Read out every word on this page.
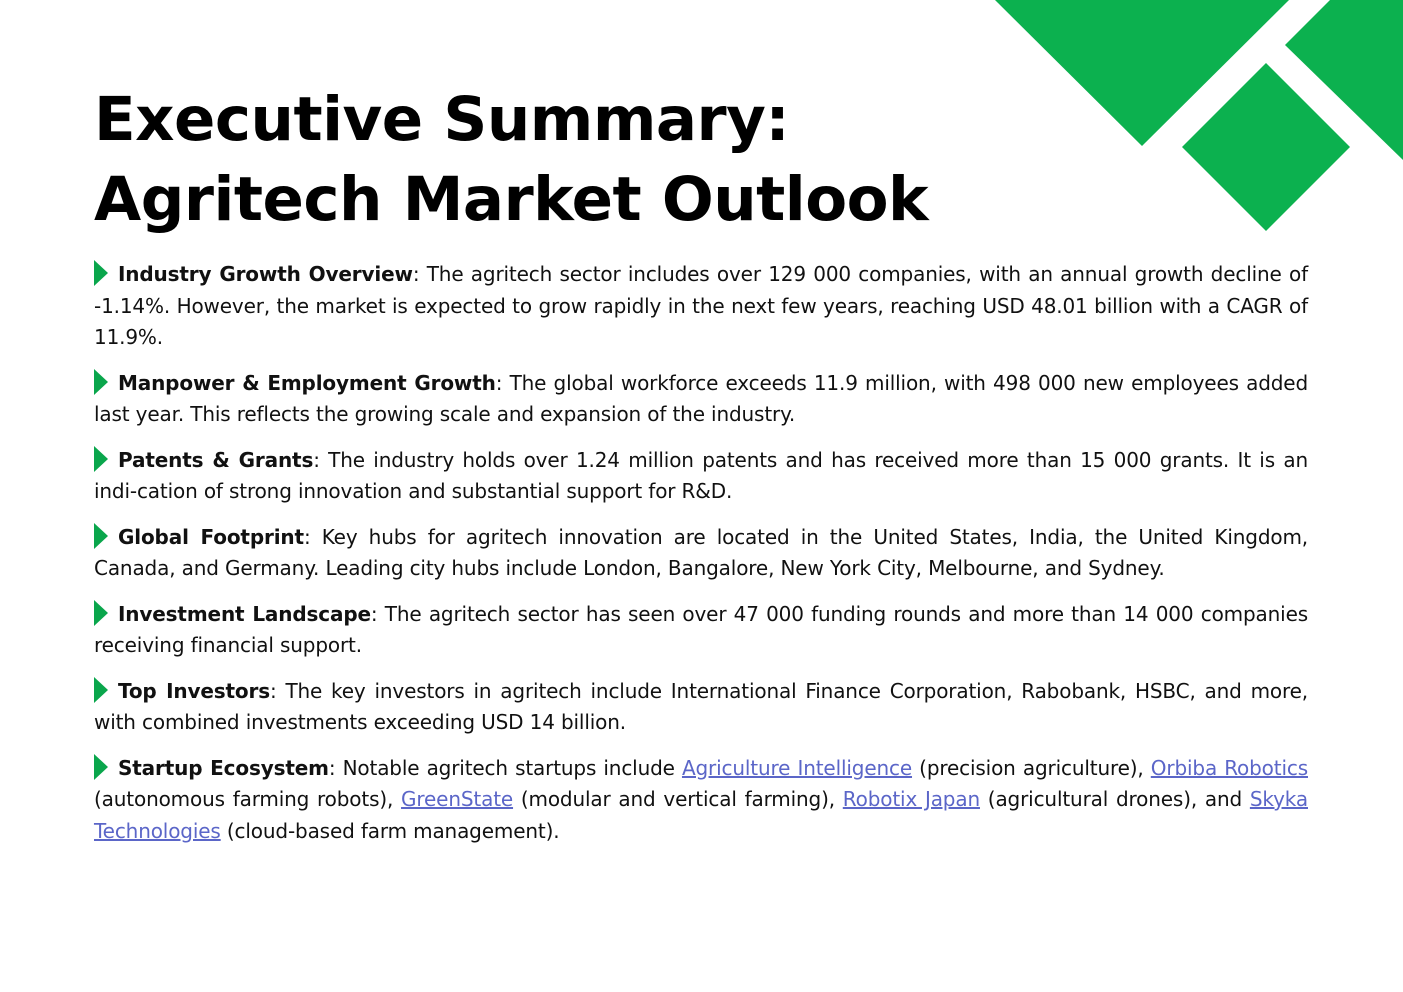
Executive Summary:
Agritech Market Outlook

Industry Growth Overview: The agritech sector includes over 129 000 companies, with an annual growth decline of -1.14%. However, the market is expected to grow rapidly in the next few years, reaching USD 48.01 billion with a CAGR of 11.9%.

Manpower & Employment Growth: The global workforce exceeds 11.9 million, with 498 000 new employees added last year. This reflects the growing scale and expansion of the industry.

Patents & Grants: The industry holds over 1.24 million patents and has received more than 15 000 grants. It is an indi-cation of strong innovation and substantial support for R&D.

Global Footprint: Key hubs for agritech innovation are located in the United States, India, the United Kingdom, Canada, and Germany. Leading city hubs include London, Bangalore, New York City, Melbourne, and Sydney.

Investment Landscape: The agritech sector has seen over 47 000 funding rounds and more than 14 000 companies receiving financial support.

Top Investors: The key investors in agritech include International Finance Corporation, Rabobank, HSBC, and more, with combined investments exceeding USD 14 billion.

Startup Ecosystem: Notable agritech startups include Agriculture Intelligence (precision agriculture), Orbiba Robotics (autonomous farming robots), GreenState (modular and vertical farming), Robotix Japan (agricultural drones), and Skyka Technologies (cloud-based farm management).
